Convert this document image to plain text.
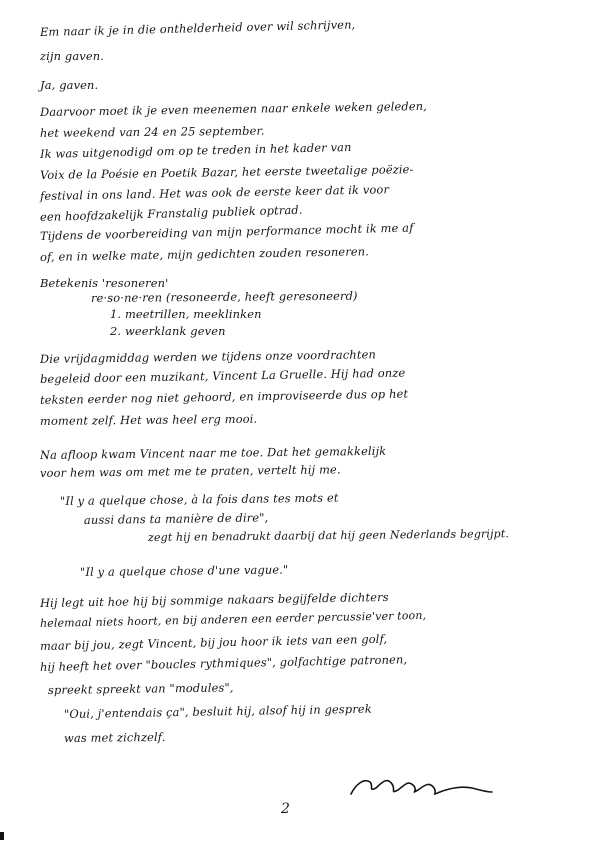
Em naar ik je in die onthelderheid over wil schrijven,
zijn gaven.
Ja, gaven.
Daarvoor moet ik je even meenemen naar enkele weken geleden,
het weekend van 24 en 25 september.
Ik was uitgenodigd om op te treden in het kader van
Voix de la Poésie en Poetik Bazar, het eerste tweetalige poëzie-
festival in ons land. Het was ook de eerste keer dat ik voor
een hoofdzakelijk Franstalig publiek optrad.
Tijdens de voorbereiding van mijn performance mocht ik me af
of, en in welke mate, mijn gedichten zouden resoneren.
Betekenis 'resoneren'
re·so·ne·ren (resoneerde, heeft geresoneerd)
1. meetrillen, meeklinken
2. weerklank geven
Die vrijdagmiddag werden we tijdens onze voordrachten
begeleid door een muzikant, Vincent La Gruelle. Hij had onze
teksten eerder nog niet gehoord, en improviseerde dus op het
moment zelf. Het was heel erg mooi.
Na afloop kwam Vincent naar me toe. Dat het gemakkelijk
voor hem was om met me te praten, vertelt hij me.
"Il y a quelque chose, à la fois dans tes mots et
aussi dans ta manière de dire",
zegt hij en benadrukt daarbij dat hij geen Nederlands begrijpt.
"Il y a quelque chose d'une vague."
Hij legt uit hoe hij bij sommige nakaars begijfelde dichters
helemaal niets hoort, en bij anderen een eerder percussie'ver toon,
maar bij jou, zegt Vincent, bij jou hoor ik iets van een golf,
hij heeft het over "boucles rythmiques", golfachtige patronen,
spreekt spreekt van "modules",
"Oui, j'entendais ça", besluit hij, alsof hij in gesprek
was met zichzelf.
2
